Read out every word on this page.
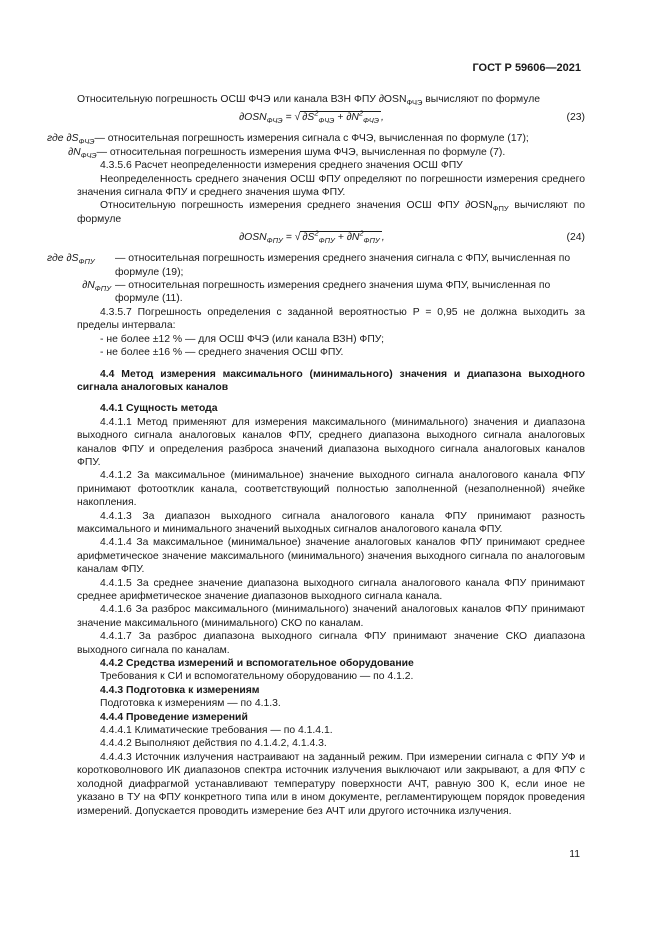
ГОСТ Р 59606—2021

Относительную погрешность ОСШ ФЧЭ или канала ВЗН ФПУ $\partial OSN_{ФЧЭ}$ вычисляют по формуле

$\partial OSN_{ФЧЭ}$ = √ $\partial S^2_{ФЧЭ} + \partial N^2_{ФЧЭ}$ ,	(23)
где $\partial S_{ФЧЭ}$ — относительная погрешность измерения сигнала с ФЧЭ, вычисленная по формуле (17);
$\partial N_{ФЧЭ}$ — относительная погрешность измерения шума ФЧЭ, вычисленная по формуле (7).

4.3.5.6 Расчет неопределенности измерения среднего значения ОСШ ФПУ

Неопределенность среднего значения ОСШ ФПУ определяют по погрешности измерения среднего значения сигнала ФПУ и среднего значения шума ФПУ.

Относительную погрешность измерения среднего значения ОСШ ФПУ $\partial OSN_{ФПУ}$ вычисляют по формуле

$\partial OSN_{ФПУ}$ = √ $\partial S^2_{ФПУ} + \partial N^2_{ФПУ}$ ,	(24)
где $\partial S_{ФПУ}$	— относительная погрешность измерения среднего значения сигнала с ФПУ, вычисленная по формуле (19);
$\partial N_{ФПУ}$ — относительная погрешность измерения среднего значения шума ФПУ, вычисленная по формуле (11).

4.3.5.7 Погрешность определения с заданной вероятностью P = 0,95 не должна выходить за пределы интервала:

- не более ±12 % — для ОСШ ФЧЭ (или канала ВЗН) ФПУ;

- не более ±16 % — среднего значения ОСШ ФПУ.

4.4 Метод измерения максимального (минимального) значения и диапазона выходного сигнала аналоговых каналов

4.4.1 Сущность метода

4.4.1.1 Метод применяют для измерения максимального (минимального) значения и диапазона выходного сигнала аналоговых каналов ФПУ, среднего диапазона выходного сигнала аналоговых каналов ФПУ и определения разброса значений диапазона выходного сигнала аналоговых каналов ФПУ.

4.4.1.2 За максимальное (минимальное) значение выходного сигнала аналогового канала ФПУ принимают фотоотклик канала, соответствующий полностью заполненной (незаполненной) ячейке накопления.

4.4.1.3 За диапазон выходного сигнала аналогового канала ФПУ принимают разность максимального и минимального значений выходных сигналов аналогового канала ФПУ.

4.4.1.4 За максимальное (минимальное) значение аналоговых каналов ФПУ принимают среднее арифметическое значение максимального (минимального) значения выходного сигнала по аналоговым каналам ФПУ.

4.4.1.5 За среднее значение диапазона выходного сигнала аналогового канала ФПУ принимают среднее арифметическое значение диапазонов выходного сигнала канала.

4.4.1.6 За разброс максимального (минимального) значений аналоговых каналов ФПУ принимают значение максимального (минимального) СКО по каналам.

4.4.1.7 За разброс диапазона выходного сигнала ФПУ принимают значение СКО диапазона выходного сигнала по каналам.

4.4.2 Средства измерений и вспомогательное оборудование

Требования к СИ и вспомогательному оборудованию — по 4.1.2.

4.4.3 Подготовка к измерениям

Подготовка к измерениям — по 4.1.3.

4.4.4 Проведение измерений

4.4.4.1 Климатические требования — по 4.1.4.1.

4.4.4.2 Выполняют действия по 4.1.4.2, 4.1.4.3.

4.4.4.3 Источник излучения настраивают на заданный режим. При измерении сигнала с ФПУ УФ и коротковолнового ИК диапазонов спектра источник излучения выключают или закрывают, а для ФПУ с холодной диафрагмой устанавливают температуру поверхности АЧТ, равную 300 К, если иное не указано в ТУ на ФПУ конкретного типа или в ином документе, регламентирующем порядок проведения измерений. Допускается проводить измерение без АЧТ или другого источника излучения.

11
